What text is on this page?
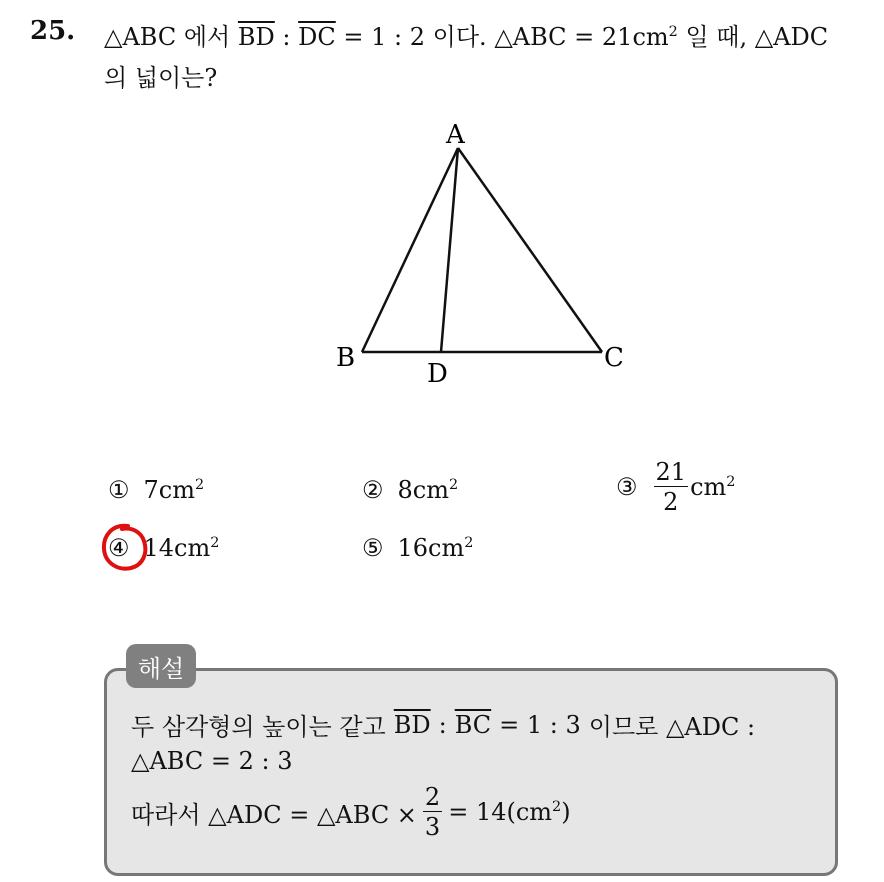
25. △ABC 에서 $\overline{BD}$ : $\overline{DC} = 1$ : 2 이다. △ABC = $21cm^2$ 일 때, △ADC
의 넓이는?
A
B	C
D
① $7cm^2$	② $8cm^2$	③ $\frac{21}{2} cm^2$
④ $14cm^2$	⑤ $16cm^2$
해설
두 삼각형의 높이는 같고 $\overline{BD}$ : $\overline{BC} = 1$ : 3 이므로 △ADC :
△ABC = 2 : 3
따라서 △ADC = △ABC × $\frac{2}{3} = 14(cm^2)$
